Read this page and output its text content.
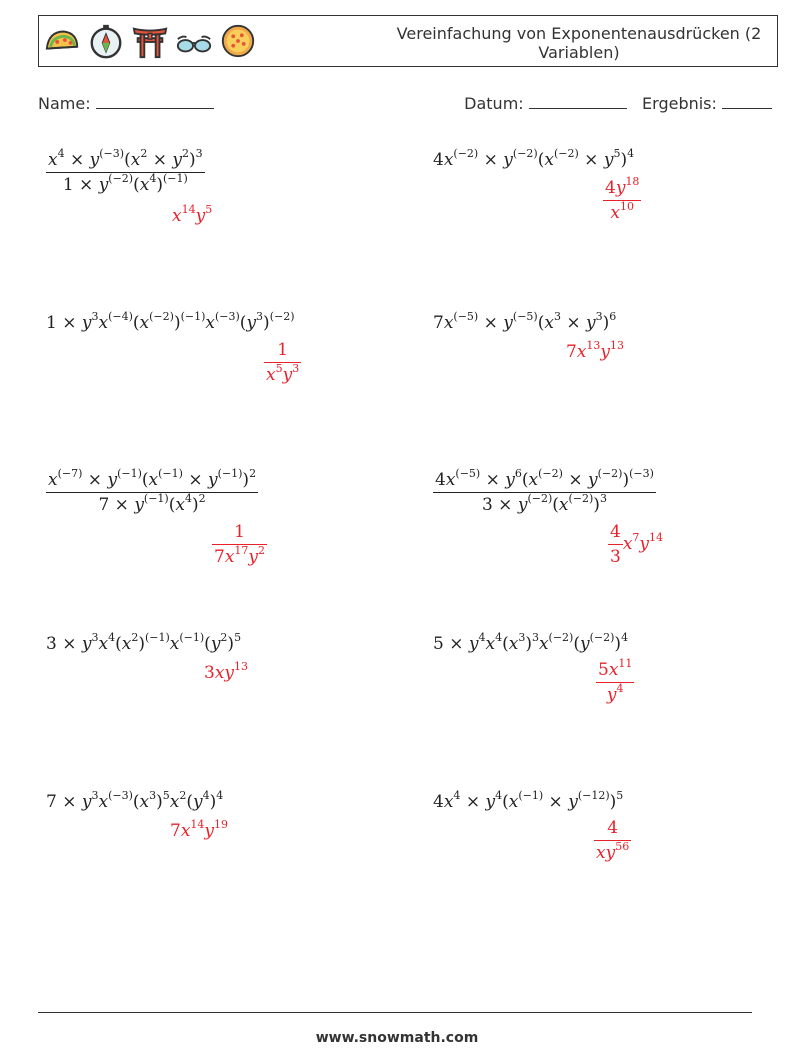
Vereinfachung von Exponentenausdrücken (2 Variablen)
Name:	Datum:	Ergebnis:
$\frac{x^4 \times y^{(-3)}(x^2 \times y^2)^3}{1 \times y^{(-2)}(x^4)^{(-1)}}$
$x^{14}y^5$
$4x^{(-2)} \times y^{(-2)}(x^{(-2)} \times y^5)^4$
$\frac{4y^{18}}{x^{10}}$
$1 \times y^3x^{(-4)}(x^{(-2)})^{(-1)}x^{(-3)}(y^3)^{(-2)}$
$\frac{1}{x^5y^3}$
$7x^{(-5)} \times y^{(-5)}(x^3 \times y^3)^6$
$7x^{13}y^{13}$
$\frac{x^{(-7)} \times y^{(-1)}(x^{(-1)} \times y^{(-1)})^2}{7 \times y^{(-1)}(x^4)^2}$
$\frac{1}{7x^{17}y^2}$
$\frac{4x^{(-5)} \times y^6(x^{(-2)} \times y^{(-2)})^{(-3)}}{3 \times y^{(-2)}(x^{(-2)})^3}$
$\frac{4}{3} x^7y^{14}$
$3 \times y^3x^4(x^2)^{(-1)}x^{(-1)}(y^2)^5$
$3xy^{13}$
$5 \times y^4x^4(x^3)^3x^{(-2)}(y^{(-2)})^4$
$\frac{5x^{11}}{y^4}$
$7 \times y^3x^{(-3)}(x^3)^5x^2(y^4)^4$
$7x^{14}y^{19}$
$4x^4 \times y^4(x^{(-1)} \times y^{(-12)})^5$
$\frac{4}{xy^{56}}$
www.snowmath.com
